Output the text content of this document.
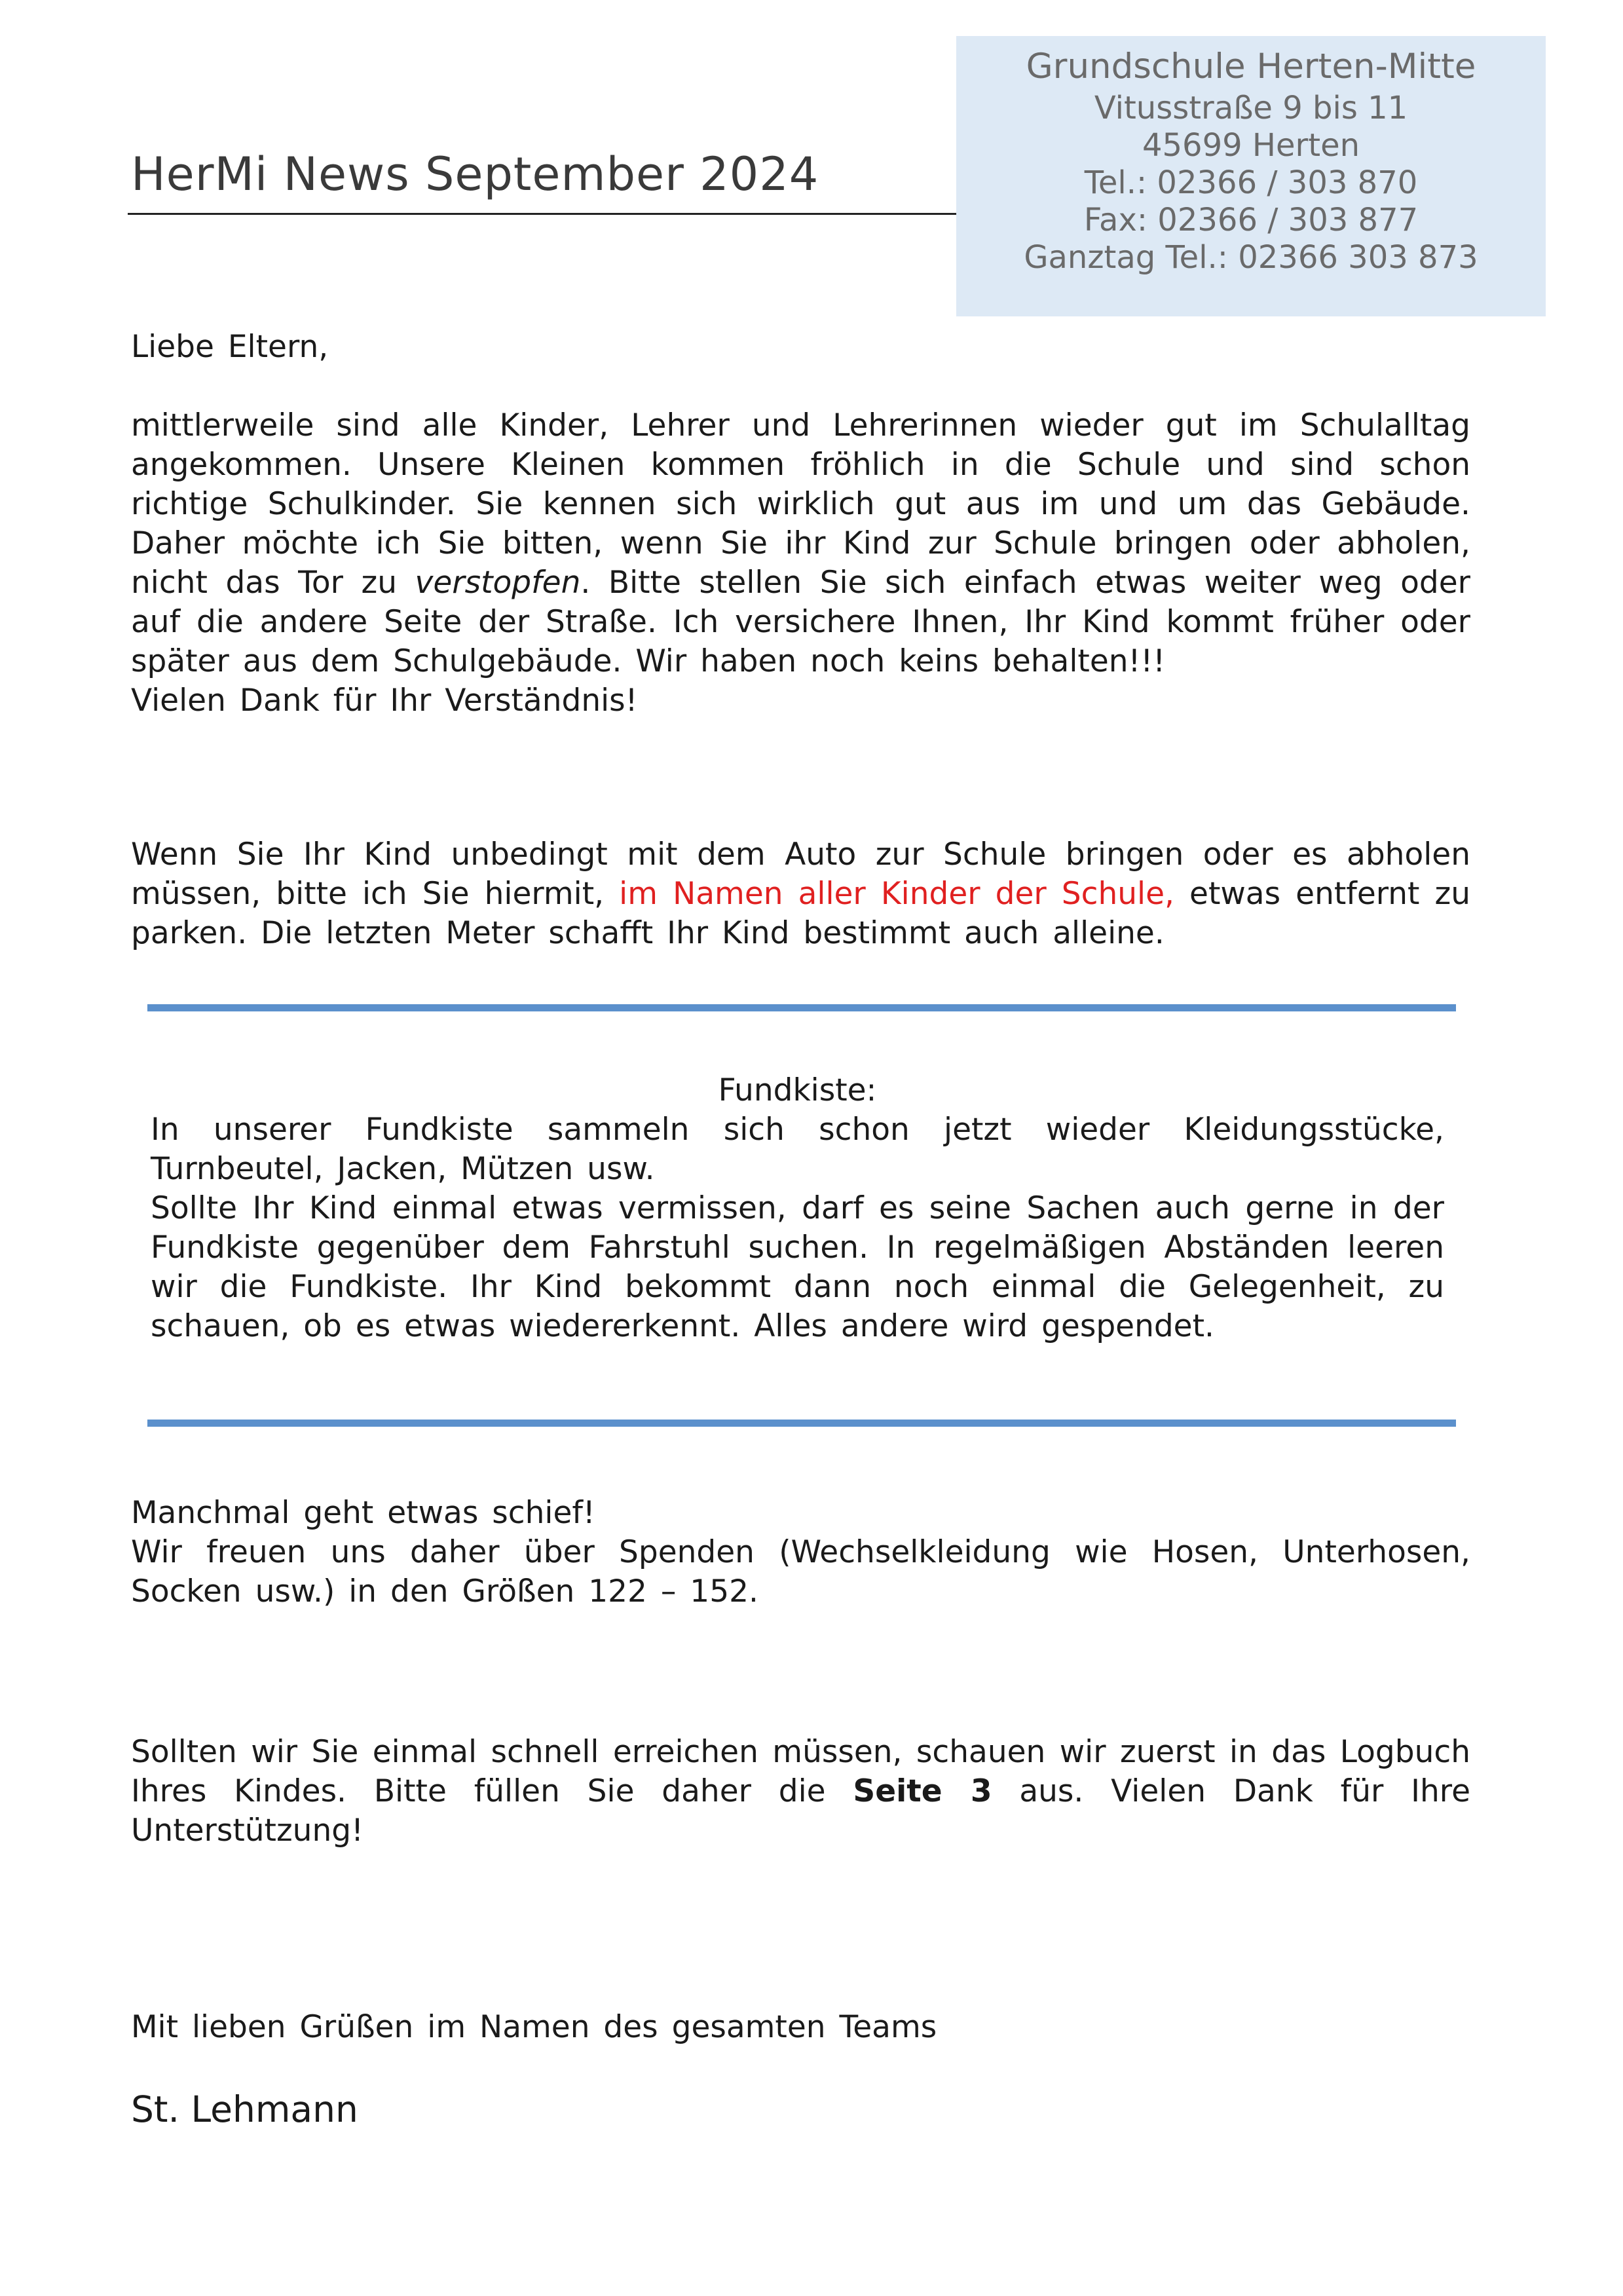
Grundschule Herten-Mitte
Vitusstraße 9 bis 11
45699 Herten
Tel.: 02366 / 303 870
Fax: 02366 / 303 877
Ganztag Tel.: 02366 303 873
HerMi News September 2024
Liebe Eltern,

mittlerweile sind alle Kinder, Lehrer und Lehrerinnen wieder gut im Schulalltag angekommen. Unsere Kleinen kommen fröhlich in die Schule und sind schon richtige Schulkinder. Sie kennen sich wirklich gut aus im und um das Gebäude. Daher möchte ich Sie bitten, wenn Sie ihr Kind zur Schule bringen oder abholen, nicht das Tor zu verstopfen. Bitte stellen Sie sich einfach etwas weiter weg oder auf die andere Seite der Straße. Ich versichere Ihnen, Ihr Kind kommt früher oder später aus dem Schulgebäude. Wir haben noch keins behalten!!!

Vielen Dank für Ihr Verständnis!

Wenn Sie Ihr Kind unbedingt mit dem Auto zur Schule bringen oder es abholen müssen, bitte ich Sie hiermit, im Namen aller Kinder der Schule, etwas entfernt zu parken. Die letzten Meter schafft Ihr Kind bestimmt auch alleine.

Fundkiste:

In unserer Fundkiste sammeln sich schon jetzt wieder Kleidungsstücke, Turnbeutel, Jacken, Mützen usw.

Sollte Ihr Kind einmal etwas vermissen, darf es seine Sachen auch gerne in der Fundkiste gegenüber dem Fahrstuhl suchen. In regelmäßigen Abständen leeren wir die Fundkiste. Ihr Kind bekommt dann noch einmal die Gelegenheit, zu schauen, ob es etwas wiedererkennt. Alles andere wird gespendet.

Manchmal geht etwas schief!

Wir freuen uns daher über Spenden (Wechselkleidung wie Hosen, Unterhosen, Socken usw.) in den Größen 122 – 152.

Sollten wir Sie einmal schnell erreichen müssen, schauen wir zuerst in das Logbuch Ihres Kindes. Bitte füllen Sie daher die Seite 3 aus. Vielen Dank für Ihre Unterstützung!

Mit lieben Grüßen im Namen des gesamten Teams
St. Lehmann
